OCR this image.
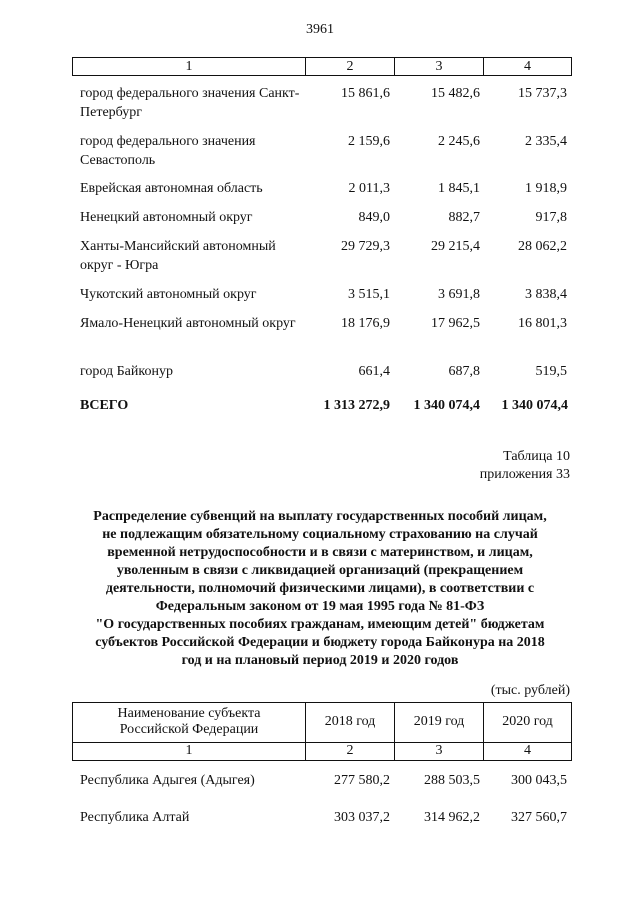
3961
1	2	3	4
город федерального значения Санкт-Петербург
15 861,6	15 482,6	15 737,3
город федерального значения Севастополь
2 159,6	2 245,6	2 335,4
Еврейская автономная область	2 011,3	1 845,1	1 918,9
Ненецкий автономный округ	849,0	882,7	917,8
Ханты-Мансийский автономный округ - Югра
29 729,3	29 215,4	28 062,2
Чукотский автономный округ	3 515,1	3 691,8	3 838,4
Ямало-Ненецкий автономный округ	18 176,9	17 962,5	16 801,3
город Байконур	661,4	687,8	519,5
ВСЕГО	1 313 272,9	1 340 074,4	1 340 074,4
Таблица 10
приложения 33
Распределение субвенций на выплату государственных пособий лицам,
не подлежащим обязательному социальному страхованию на случай
временной нетрудоспособности и в связи с материнством, и лицам,
уволенным в связи с ликвидацией организаций (прекращением
деятельности, полномочий физическими лицами), в соответствии с
Федеральным законом от 19 мая 1995 года № 81-ФЗ
"О государственных пособиях гражданам, имеющим детей" бюджетам
субъектов Российской Федерации и бюджету города Байконура на 2018
год и на плановый период 2019 и 2020 годов
(тыс. рублей)
Наименование субъекта
Российской Федерации
2018 год	2019 год	2020 год
1	2	3	4
Республика Адыгея (Адыгея)	277 580,2	288 503,5	300 043,5
Республика Алтай	303 037,2	314 962,2	327 560,7
